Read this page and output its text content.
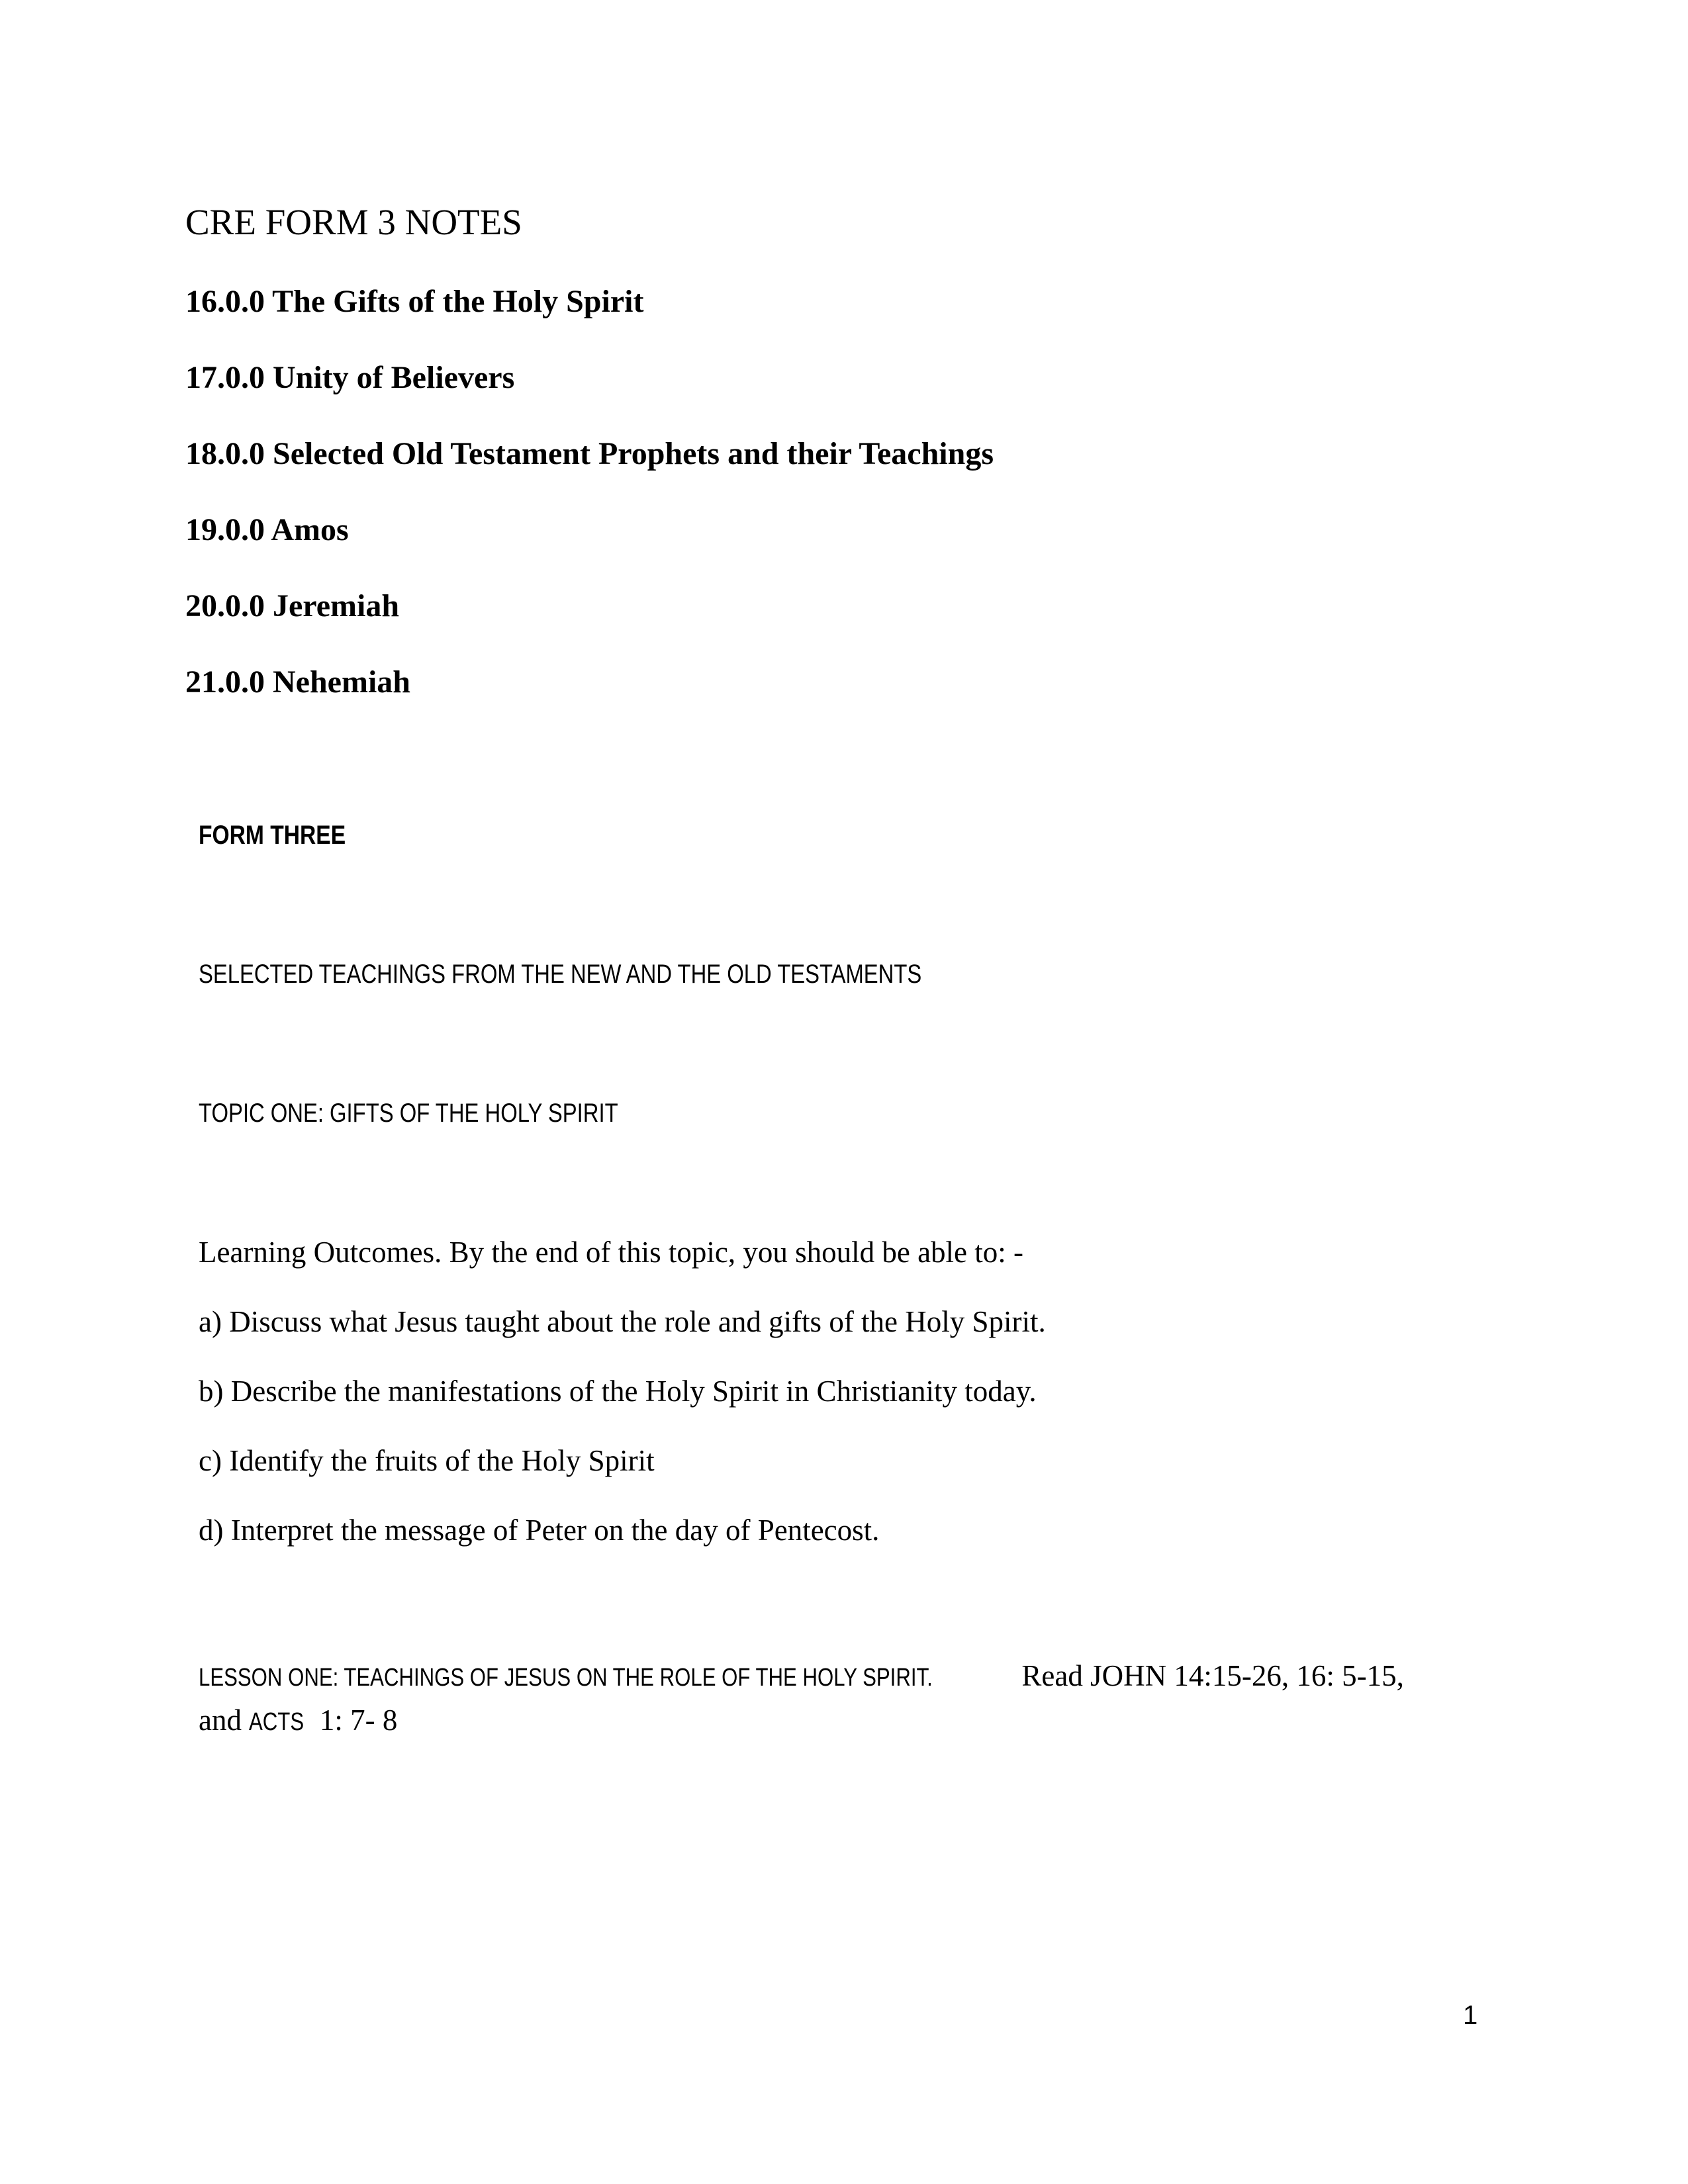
CRE FORM 3 NOTES
16.0.0 The Gifts of the Holy Spirit
17.0.0 Unity of Believers
18.0.0 Selected Old Testament Prophets and their Teachings
19.0.0 Amos
20.0.0 Jeremiah
21.0.0 Nehemiah
FORM THREE
SELECTED TEACHINGS FROM THE NEW AND THE OLD TESTAMENTS
TOPIC ONE: GIFTS OF THE HOLY SPIRIT
Learning Outcomes. By the end of this topic, you should be able to: -
a) Discuss what Jesus taught about the role and gifts of the Holy Spirit.
b) Describe the manifestations of the Holy Spirit in Christianity today.
c) Identify the fruits of the Holy Spirit
d) Interpret the message of Peter on the day of Pentecost.
LESSON ONE: TEACHINGS OF JESUS ON THE ROLE OF THE HOLY SPIRIT.	Read JOHN 14:15-26, 16: 5-15,
and ACTS 1: 7- 8
1
